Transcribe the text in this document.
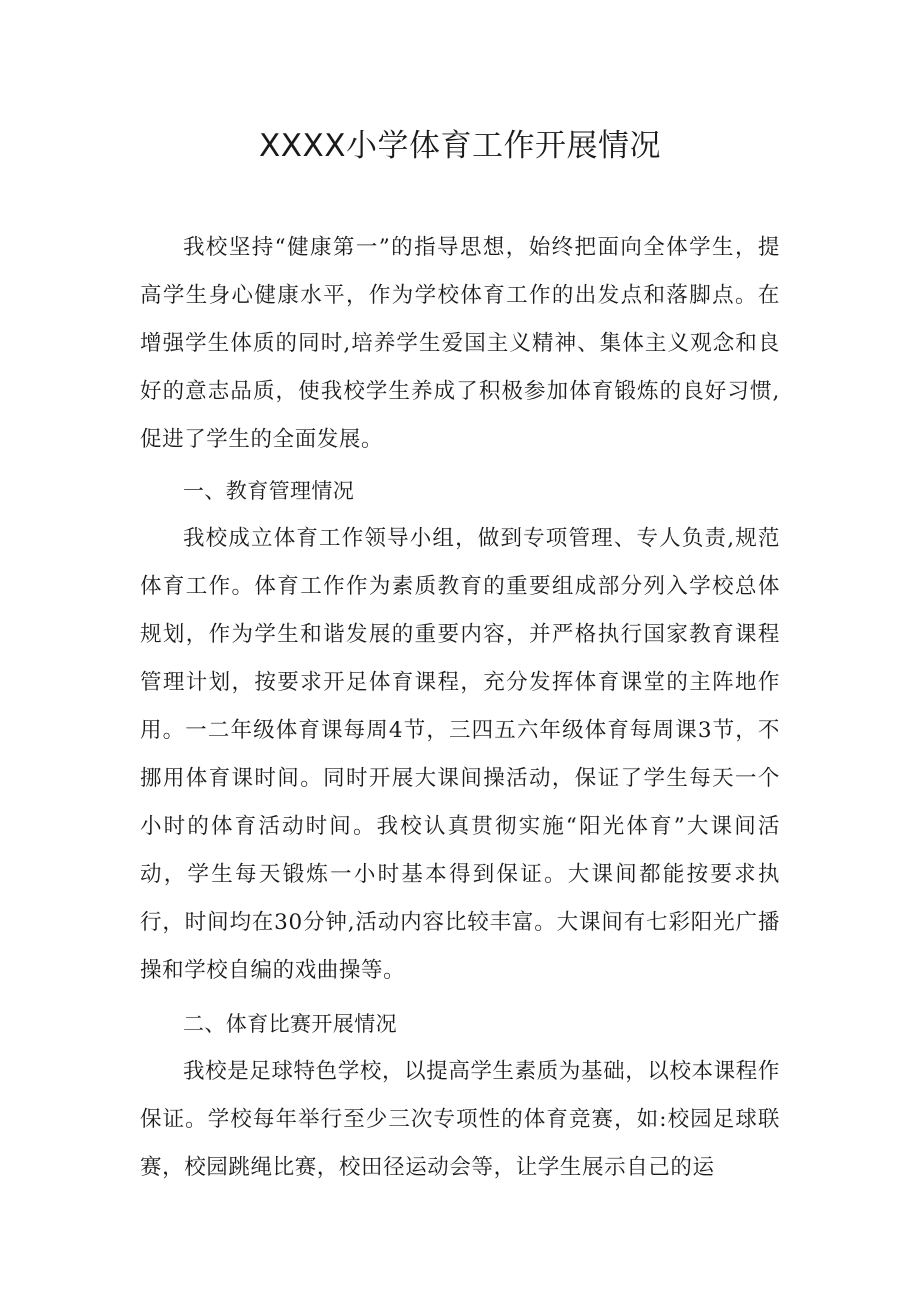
XXXX小学体育工作开展情况

我校坚持“健康第一”的指导思想，始终把面向全体学生，提高学生身心健康水平，作为学校体育工作的出发点和落脚点。在增强学生体质的同时,培养学生爱国主义精神、集体主义观念和良好的意志品质，使我校学生养成了积极参加体育锻炼的良好习惯,促进了学生的全面发展。

一、教育管理情况

我校成立体育工作领导小组，做到专项管理、专人负责,规范体育工作。体育工作作为素质教育的重要组成部分列入学校总体规划，作为学生和谐发展的重要内容，并严格执行国家教育课程管理计划，按要求开足体育课程，充分发挥体育课堂的主阵地作用。一二年级体育课每周4节，三四五六年级体育每周课3节，不挪用体育课时间。同时开展大课间操活动，保证了学生每天一个小时的体育活动时间。我校认真贯彻实施“阳光体育”大课间活动，学生每天锻炼一小时基本得到保证。大课间都能按要求执行，时间均在30分钟,活动内容比较丰富。大课间有七彩阳光广播操和学校自编的戏曲操等。

二、体育比赛开展情况

我校是足球特色学校，以提高学生素质为基础，以校本课程作保证。学校每年举行至少三次专项性的体育竞赛，如:校园足球联赛，校园跳绳比赛，校田径运动会等，让学生展示自己的运
